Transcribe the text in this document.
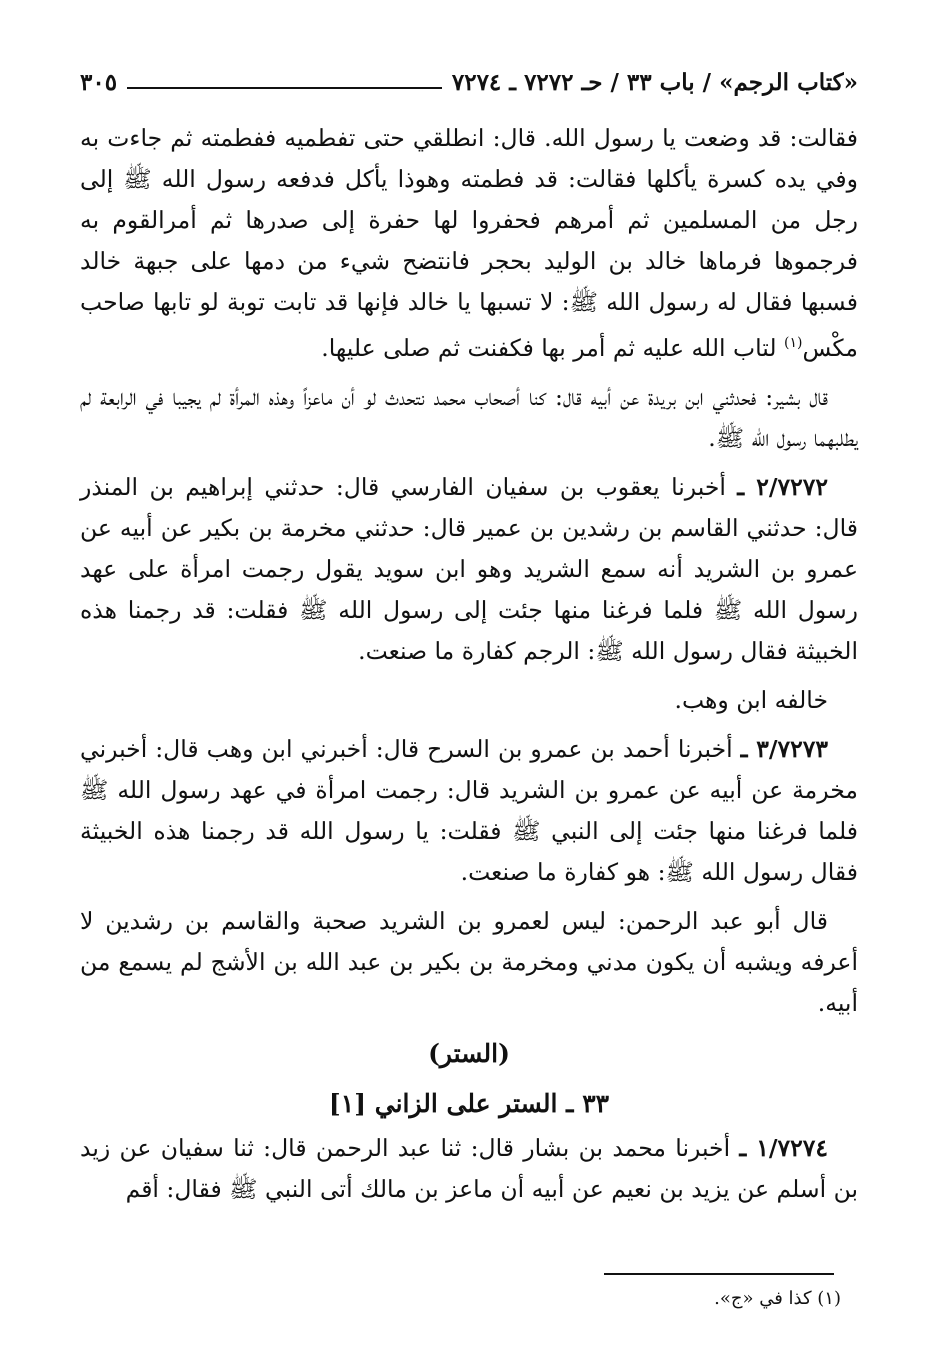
«كتاب الرجم» / باب ٣٣ / حـ ٧٢٧٢ ـ ٧٢٧٤
٣٠٥

فقالت: قد وضعت يا رسول الله. قال: انطلقي حتى تفطميه ففطمته ثم جاءت به وفي يده كسرة يأكلها فقالت: قد فطمته وهوذا يأكل فدفعه رسول الله ﷺ إلى رجل من المسلمين ثم أمرهم فحفروا لها حفرة إلى صدرها ثم أمرالقوم به فرجموها فرماها خالد بن الوليد بحجر فانتضح شيء من دمها على جبهة خالد فسبها فقال له رسول الله ﷺ: لا تسبها يا خالد فإنها قد تابت توبة لو تابها صاحب مكْس$^{(١)}$ لتاب الله عليه ثم أمر بها فكفنت ثم صلى عليها.

قال بشير: فحدثني ابن بريدة عن أبيه قال: كنا أصحاب محمد نتحدث لو أن ماعزاً وهذه المرأة لم يجيبا في الرابعة لم يطلبهما رسول الله ﷺ.

٢/٧٢٧٢ ـ أخبرنا يعقوب بن سفيان الفارسي قال: حدثني إبراهيم بن المنذر قال: حدثني القاسم بن رشدين بن عمير قال: حدثني مخرمة بن بكير عن أبيه عن عمرو بن الشريد أنه سمع الشريد وهو ابن سويد يقول رجمت امرأة على عهد رسول الله ﷺ فلما فرغنا منها جئت إلى رسول الله ﷺ فقلت: قد رجمنا هذه الخبيثة فقال رسول الله ﷺ: الرجم كفارة ما صنعت.

خالفه ابن وهب.

٣/٧٢٧٣ ـ أخبرنا أحمد بن عمرو بن السرح قال: أخبرني ابن وهب قال: أخبرني مخرمة عن أبيه عن عمرو بن الشريد قال: رجمت امرأة في عهد رسول الله ﷺ فلما فرغنا منها جئت إلى النبي ﷺ فقلت: يا رسول الله قد رجمنا هذه الخبيثة فقال رسول الله ﷺ: هو كفارة ما صنعت.

قال أبو عبد الرحمن: ليس لعمرو بن الشريد صحبة والقاسم بن رشدين لا أعرفه ويشبه أن يكون مدني ومخرمة بن بكير بن عبد الله بن الأشج لم يسمع من أبيه.

(الستر)
٣٣ ـ الستر على الزاني [١]

١/٧٢٧٤ ـ أخبرنا محمد بن بشار قال: ثنا عبد الرحمن قال: ثنا سفيان عن زيد بن أسلم عن يزيد بن نعيم عن أبيه أن ماعز بن مالك أتى النبي ﷺ فقال: أقم

(١) كذا في «ج».
